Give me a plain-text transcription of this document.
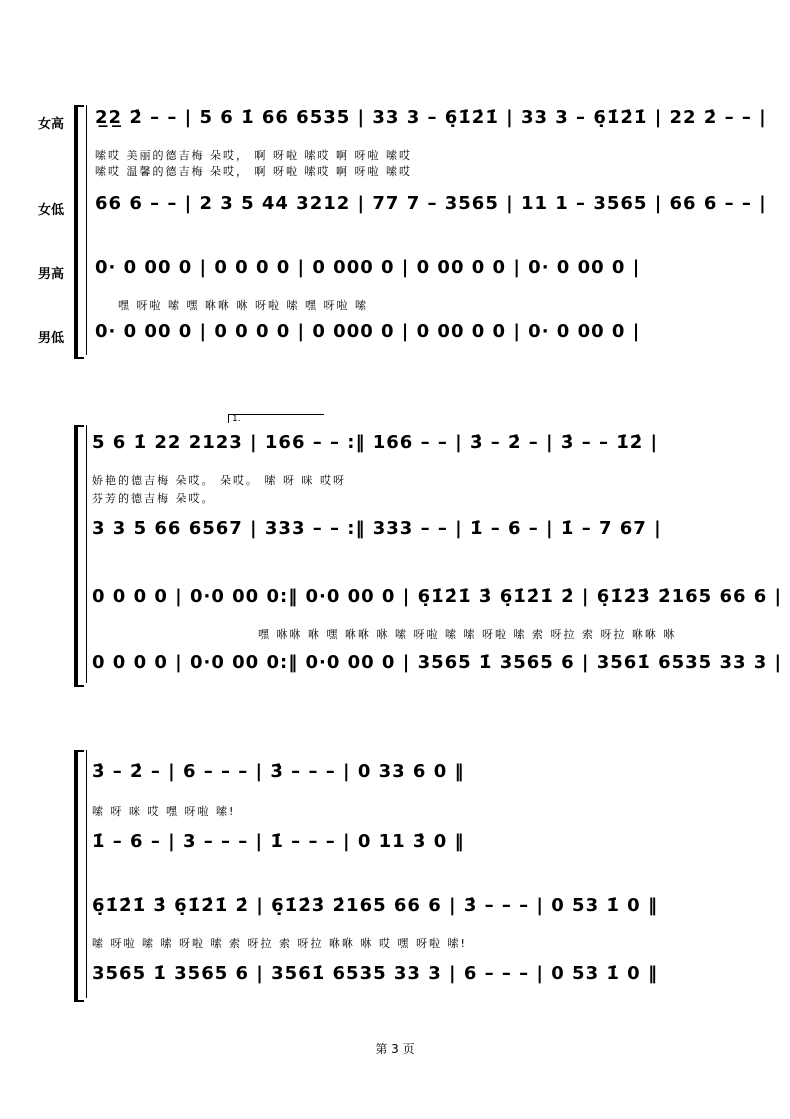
女高 2̲2̲ 2̇ – – | 5 6 1̇ 66 6535 | 33 3 – 6̣1̇2̇1̇ | 33 3 – 6̣1̇2̇1̇ | 22 2̇ – – |
嗦哎 美丽的德吉梅 朵哎， 啊 呀啦 嗦哎 啊 呀啦 嗦哎
嗦哎 温馨的德吉梅 朵哎， 啊 呀啦 嗦哎 啊 呀啦 嗦哎
女低 66 6 – – | 2 3 5 44 3212 | 77 7 – 3565 | 11 1 – 3565 | 66 6 – – |
男高 0· 0 00 0 | 0 0 0 0 | 0 000 0 | 0 00 0 0 | 0· 0 00 0 |
嘿 呀啦 嗦 嘿 咻咻 咻 呀啦 嗦 嘿 呀啦 嗦
男低 0· 0 00 0 | 0 0 0 0 | 0 000 0 | 0 00 0 0 | 0· 0 00 0 |
1.
5 6 1̇ 22 2123 | 166 – – :‖ 166 – – | 3̇ – 2̇ – | 3̇ – – 1̇2̇ |
娇艳的德吉梅 朵哎。 朵哎。 嗦 呀 咪 哎呀
芬芳的德吉梅 朵哎。
3 3 5 66 6567 | 333 – – :‖ 333 – – | 1̇ – 6 – | 1̇ – 7 67 |
0 0 0 0 | 0·0 00 0:‖ 0·0 00 0 | 6̣1̇2̇1̇ 3̇ 6̣1̇2̇1̇ 2̇ | 6̣1̇2̇3̇ 2̇165 66 6 |
嘿 咻咻 咻 嘿 咻咻 咻 嗦 呀啦 嗦 嗦 呀啦 嗦 索 呀拉 索 呀拉 咻咻 咻
0 0 0 0 | 0·0 00 0:‖ 0·0 00 0 | 3565 1̇ 3565 6 | 3561̇ 6535 33 3 |
3̇ – 2̇ – | 6 – – – | 3̇ – – – | 0 33 6 0 ‖
嗦 呀 咪 哎 嘿 呀啦 嗦!
1̇ – 6 – | 3 – – – | 1̇ – – – | 0 11 3̇ 0 ‖
6̣1̇2̇1̇ 3̇ 6̣1̇2̇1̇ 2̇ | 6̣1̇2̇3̇ 2̇165 66 6 | 3̇ – – – | 0 53 1̇ 0 ‖
嗦 呀啦 嗦 嗦 呀啦 嗦 索 呀拉 索 呀拉 咻咻 咻 哎 嘿 呀啦 嗦!
3565 1̇ 3565 6 | 3561̇ 6535 33 3 | 6 – – – | 0 53 1̇ 0 ‖
第 3 页
